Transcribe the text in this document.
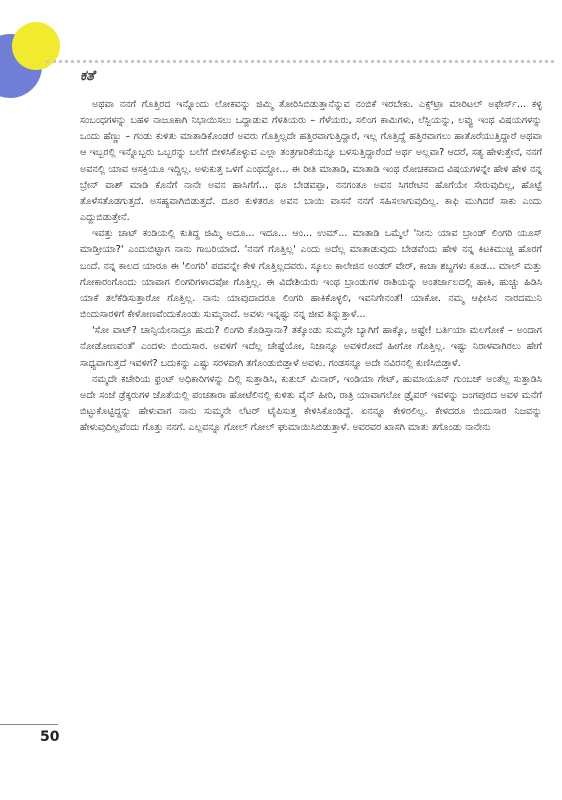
ಕತೆ

ಅಥವಾ ನನಗೆ ಗೊತ್ತಿರದ ಇನ್ನೊಂದು ಲೋಕವನ್ನು ಜಿಮ್ಮಿ ತೋರಿಸಿಬಿಡುತ್ತಾನೆನ್ನುವ ನಂಬಿಕೆ ಇರಬೇಕು. ಎಕ್ಸ್‌ಟ್ರಾ ಮಾರಿಟಲ್ ಅಫೇರ್ಸ್... ಕಳ್ಳ ಸಂಬಂಧಗಳನ್ನು ಬಹಳ ನಾಜೂಕಾಗಿ ನಿಭಾಯಿಸಲು ಒದ್ದಾಡುವ ಗೆಳತಿಯರು – ಗೆಳೆಯರು, ಸಲಿಂಗ ಕಾಮಿಗಳು, ಲೆಸ್ಬಿಯನ್ನು, ಲವ್ವು ಇಂಥ ವಿಷಯಗಳನ್ನು ಒಂದು ಹೆಣ್ಣು – ಗಂಡು ಕುಳಿತು ಮಾತಾಡಿಕೊಂಡರೆ ಅವರು ಗೊತ್ತಿಲ್ಲದೇ ಹತ್ತಿರವಾಗುತ್ತಿದ್ದಾರೆ, ಇಲ್ಲ ಗೊತ್ತಿದ್ದೆ ಹತ್ತಿರವಾಗಲು ಹಾತೊರೆಯುತ್ತಿದ್ದಾರೆ ಅಥವಾ ಆ ಇಬ್ಬರಲ್ಲಿ ಇನ್ನೊಬ್ಬರು ಒಬ್ಬರನ್ನು ಬಲೆಗೆ ಬೀಳಿಸಿಕೊಳ್ಳುವ ಎಲ್ಲಾ ತಂತ್ರಗಾರಿಕೆಯನ್ನೂ ಬಳಸುತ್ತಿದ್ದಾರೆಂದೆ ಅರ್ಥ ಅಲ್ಲವಾ? ಆದರೆ, ಸತ್ಯ ಹೇಳುತ್ತೇನೆ, ನನಗೆ ಅವನಲ್ಲಿ ಯಾವ ಆಸಕ್ತಿಯೂ ಇದ್ದಿಲ್ಲ. ಅಳುಕುತ್ತ ಒಳಗೆ ಎಂಥದ್ದೋ... ಈ ರೀತಿ ಮಾತಾಡಿ, ಮಾತಾಡಿ ಇಂಥ ರೋಚಕವಾದ ವಿಷಯಗಳನ್ನೇ ಹೇಳಿ ಹೇಳಿ ನನ್ನ ಬ್ರೇನ್ ವಾಶ್ ಮಾಡಿ ಕೊನೆಗೆ ನಾನೇ ಅವನ ಹಾಸಿಗೆಗೆ... ಥೂ ಬೇಡವಪ್ಪಾ, ನನಗಂತೂ ಅವನ ಸಿಗರೇಟಿನ ಹೊಗೆಯೇ ಸೇರುವುದಿಲ್ಲ, ಹೊಟ್ಟೆ ತೊಳೆಸತೊಡಗುತ್ತದೆ. ಅಸಹ್ಯವಾಗಿಬಿಡುತ್ತದೆ. ದೂರ ಕುಳಿತರೂ ಅವನ ಬಾಯಿ ವಾಸನೆ ನನಗೆ ಸಹಿಸಲಾಗುವುದಿಲ್ಲ. ಕಾಫಿ ಮುಗಿದರೆ ಸಾಕು ಎಂದು ಎದ್ದುಬಿಡುತ್ತೇನೆ.

ಇವತ್ತು ಚಾಟ್ ಕಂಡಿಯಲ್ಲಿ ಕುತಿದ್ದ ಜಿಮ್ಮಿ ಅದೂ... ಇದೂ... ಆಂ... ಉಮ್... ಮಾತಾಡಿ ಒಮ್ಮೆಲೆ 'ನೀನು ಯಾವ ಬ್ರಾಂಡ್ ಲಿಂಗರಿ ಯೂಸ್ ಮಾಡ್ತೀಯಾ?' ಎಂದುಬಿಟ್ಟಾಗ ನಾನು ಗಾಬರಿಯಾದೆ. 'ನನಗೆ ಗೊತ್ತಿಲ್ಲ' ಎಂದು ಅದೆಲ್ಲ ಮಾತಾಡುವುದು ಬೇಡವೆಂದು ಹೇಳಿ ನನ್ನ ಕಿಟಕಿಮುಚ್ಚಿ ಹೊರಗೆ ಬಂದೆ. ನನ್ನ ಕಾಲದ ಯಾರೂ ಈ 'ಲಿಂಗರಿ' ಪದವನ್ನೇ ಕೇಳಿ ಗೊತ್ತಿಲ್ಲದವರು. ಸ್ಕೂಲು ಕಾಲೇಜಿನ ಅಂಡರ್ ವೇರ್, ಕಾಚಾ ಶಬ್ದಗಳು ಕೂಡ... ಮಾಲ್ ಮತ್ತು ಗೋಕಾರಂಗೊಂದು ಯಾವಾಗ ಲಿಂಗರಿಗಳಾದವೋ ಗೊತ್ತಿಲ್ಲ. ಈ ವಿದೇಶಿಯರು ಇಂಥ ಬ್ರಾಂಡುಗಳ ರಾಶಿಯನ್ನು ಅಂತರ್ಜಾಲದಲ್ಲಿ ಹಾಕಿ, ಹುಚ್ಚು ಹಿಡಿಸಿ ಯಾಕೆ ತಲೆಕೆಡಿಸುತ್ತಾರೋ ಗೊತ್ತಿಲ್ಲ. ನಾನು ಯಾವುದಾದರೂ ಲಿಂಗರಿ ಹಾಕಿಕೊಳ್ಳಲಿ, ಇವನಿಗೇನಂತೆ! ಯಾಕೋ. ನಮ್ಮ ಆಫೀಸಿನ ನಾರದಮುನಿ ಬಿಂದುಸಾರಳಿಗೆ ಕೇಳೋಣವೆಂದುಕೊಂಡು ಸುಮ್ಮನಾದೆ. ಅವಳು ಇನ್ನಷ್ಟು ನನ್ನ ಜೀವ ತಿನ್ನುತ್ತಾಳೆ...

'ಸೋ ವಾಟ್? ಚಾನ್ಸಿಯೇನಾದ್ರೂ ಹುದು? ಲಿಂಗರಿ ಕೊಡಿಸ್ತಾನಾ? ತಕ್ಕೊಂಡು ಸುಮ್ಮನೇ ಬ್ಯಾಗಿಗೆ ಹಾಕ್ಕೊ, ಅಷ್ಟೇ! ಬರ್ತಿಯಾ ಮಲಗೋಕೆ – ಅಂದಾಗ ನೋಡೋಣವಂತೆ' ಎಂದಳು ಬಿಂದುಸಾರ. ಅವಳಿಗೆ ಇದೆಲ್ಲ ಚೇಷ್ಟೆಯೋ, ನಿಜಾನ್ನೂ ಅವಳಿರೋದೆ ಹೀಗೋ ಗೊತ್ತಿಲ್ಲ. ಇಷ್ಟು ನಿರಾಳವಾಗಿರಲು ಹೇಗೆ ಸಾಧ್ಯವಾಗುತ್ತದೆ ಇವಳಿಗೆ? ಬದುಕನ್ನು ಎಷ್ಟು ಸರಳವಾಗಿ ತಗೊಂಡುಬಿಡ್ತಾಳೆ ಅವಳು. ಗಂಡಸನ್ನೂ ಅದೇ ನವಿರನಲ್ಲಿ ಕುಣಿಸಿಬಿಡ್ತಾಳೆ.

ನಮ್ಮದೇ ಕಚೇರಿಯ ಫ್ರಂಟ್ ಅಧಿಕಾರಿಗಳನ್ನು ದಿಲ್ಲಿ ಸುತ್ತಾಡಿಸಿ, ಕುತುಬ್ ಮಿನಾರ್, ಇಂಡಿಯಾ ಗೇಟ್, ಹುಮಾಯೂನ್ ಗುಂಬಜ್ ಅಂತೆಲ್ಲ ಸುತ್ತಾಡಿಸಿ ಅದೇ ಸಂಜೆ ಡ್ರೆಕ್ಕರುಗಳ ಜೊತೆಯಲ್ಲಿ ಪಂಚತಾರಾ ಹೋಟೆಲಿನಲ್ಲಿ ಕುಳಿತು ವೈನ್ ಹೀರಿ, ರಾತ್ರಿ ಯಾವಾಗಲೋ ಡ್ರೈವರ್ ಇವಳನ್ನು ಜಂಗಪುರದ ಅವಳ ಮನೆಗೆ ಬಿಟ್ಟುಕೊಟ್ಟಿದ್ದನ್ನು ಹೇಳುವಾಗ ನಾನು ಸುಮ್ಮನೇ ಲೆಟರ್ ಟೈಪಿಸುತ್ತ ಕೇಳಿಸಿಕೊಂಡಿದ್ದೆ. ಏನನ್ನೂ ಕೇಳಿರಲಿಲ್ಲ. ಕೇಳದರೂ ಬಿಂದುಸಾರ ನಿಜವನ್ನು ಹೇಳುವುದಿಲ್ಲವೆಂದು ಗೊತ್ತು ನನಗೆ. ಎಲ್ಲವನ್ನೂ ಗೋಲ್ ಗೋಲ್ ಘುಮಾಯಿಸಿಬಿಡುತ್ತಾಳೆ. ಅವರವರ ಖಾಸಗಿ ಮಾತು ತಗೊಂಡು ನಾನೇನು

50
